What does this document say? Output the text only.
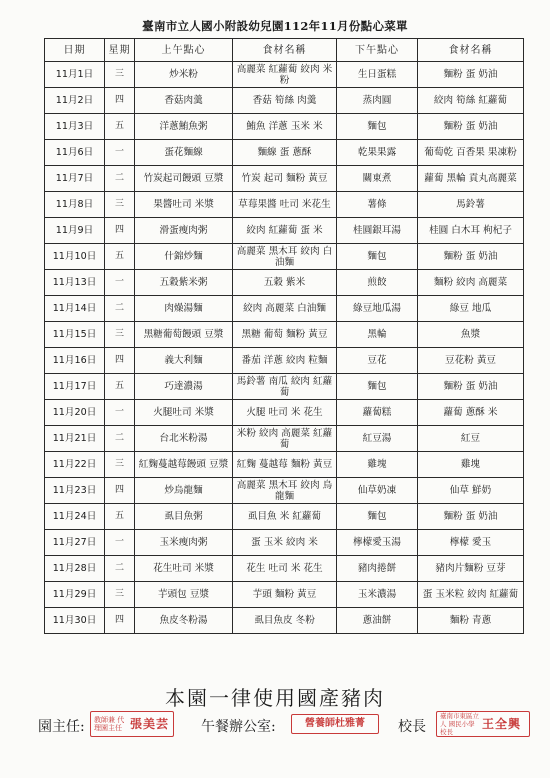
臺南市立人國小附設幼兒園112年11月份點心菜單
日期	星期	上午點心	食材名稱	下午點心	食材名稱
11月1日	三	炒米粉	高麗菜 紅蘿蔔 絞肉 米粉	生日蛋糕	麵粉 蛋 奶油
11月2日	四	香菇肉羹	香菇 筍絲 肉羹	蒸肉圓	絞肉 筍絲 紅蘿蔔
11月3日	五	洋蔥鮪魚粥	鮪魚 洋蔥 玉米 米	麵包	麵粉 蛋 奶油
11月6日	一	蛋花麵線	麵線 蛋 蔥酥	乾果果露	葡萄乾 百香果 果凍粉
11月7日	二	竹炭起司饅頭 豆漿	竹炭 起司 麵粉 黃豆	關東煮	蘿蔔 黑輪 貢丸高麗菜
11月8日	三	果醬吐司 米漿	草莓果醬 吐司 米花生	薯條	馬鈴薯
11月9日	四	滑蛋瘦肉粥	絞肉 紅蘿蔔 蛋 米	桂圓銀耳湯	桂圓 白木耳 枸杞子
11月10日	五	什錦炒麵	高麗菜 黑木耳 絞肉 白油麵	麵包	麵粉 蛋 奶油
11月13日	一	五穀紫米粥	五穀 紫米	煎餃	麵粉 絞肉 高麗菜
11月14日	二	肉燥湯麵	絞肉 高麗菜 白油麵	綠豆地瓜湯	綠豆 地瓜
11月15日	三	黑糖葡萄饅頭 豆漿	黑糖 葡萄 麵粉 黃豆	黑輪	魚漿
11月16日	四	義大利麵	番茄 洋蔥 絞肉 粒麵	豆花	豆花粉 黃豆
11月17日	五	巧達濃湯	馬鈴薯 南瓜 絞肉 紅蘿蔔	麵包	麵粉 蛋 奶油
11月20日	一	火腿吐司 米漿	火腿 吐司 米 花生	蘿蔔糕	蘿蔔 蔥酥 米
11月21日	二	台北米粉湯	米粉 絞肉 高麗菜 紅蘿蔔	紅豆湯	紅豆
11月22日	三	紅麴蔓越莓饅頭 豆漿	紅麴 蔓越莓 麵粉 黃豆	雞塊	雞塊
11月23日	四	炒烏龍麵	高麗菜 黑木耳 絞肉 烏龍麵	仙草奶凍	仙草 鮮奶
11月24日	五	虱目魚粥	虱目魚 米 紅蘿蔔	麵包	麵粉 蛋 奶油
11月27日	一	玉米瘦肉粥	蛋 玉米 絞肉 米	檸檬愛玉湯	檸檬 愛玉
11月28日	二	花生吐司 米漿	花生 吐司 米 花生	豬肉捲餅	豬肉片麵粉 豆芽
11月29日	三	芋頭包 豆漿	芋頭 麵粉 黃豆	玉米濃湯	蛋 玉米粒 絞肉 紅蘿蔔
11月30日	四	魚皮冬粉湯	虱目魚皮 冬粉	蔥油餅	麵粉 青蔥
本園一律使用國產豬肉
園主任: 教師兼 代理園主任 張美芸 午餐辦公室:	營養師杜雅菁 校長
臺南市東區立人 國民小學校長
王全興
